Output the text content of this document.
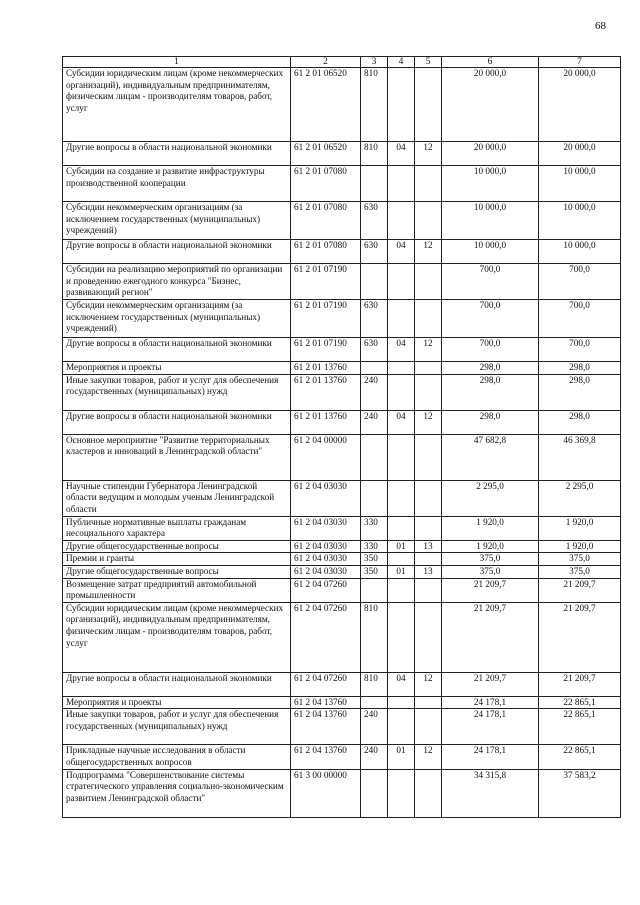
68
1	2	3	4	5	6	7
Субсидии юридическим лицам (кроме некоммерческих организаций), индивидуальным предпринимателям, физическим лицам - производителям товаров, работ, услуг	61 2 01 06520	810			20 000,0	20 000,0
Другие вопросы в области национальной экономики	61 2 01 06520	810	04	12	20 000,0	20 000,0
Субсидии на создание и развитие инфраструктуры производственной кооперации	61 2 01 07080				10 000,0	10 000,0
Субсидии некоммерческим организациям (за исключением государственных (муниципальных) учреждений)	61 2 01 07080	630			10 000,0	10 000,0
Другие вопросы в области национальной экономики	61 2 01 07080	630	04	12	10 000,0	10 000,0
Субсидии на реализацию мероприятий по организации и проведению ежегодного конкурса "Бизнес, развивающий регион"	61 2 01 07190				700,0	700,0
Субсидии некоммерческим организациям (за исключением государственных (муниципальных) учреждений)	61 2 01 07190	630			700,0	700,0
Другие вопросы в области национальной экономики	61 2 01 07190	630	04	12	700,0	700,0
Мероприятия и проекты	61 2 01 13760				298,0	298,0
Иные закупки товаров, работ и услуг для обеспечения государственных (муниципальных) нужд	61 2 01 13760	240			298,0	298,0
Другие вопросы в области национальной экономики	61 2 01 13760	240	04	12	298,0	298,0
Основное мероприятие "Развитие территориальных кластеров и инноваций в Ленинградской области"	61 2 04 00000				47 682,8	46 369,8
Научные стипендии Губернатора Ленинградской области ведущим и молодым ученым Ленинградской области	61 2 04 03030				2 295,0	2 295,0
Публичные нормативные выплаты гражданам несоциального характера	61 2 04 03030	330			1 920,0	1 920,0
Другие общегосударственные вопросы	61 2 04 03030	330	01	13	1 920,0	1 920,0
Премии и гранты	61 2 04 03030	350			375,0	375,0
Другие общегосударственные вопросы	61 2 04 03030	350	01	13	375,0	375,0
Возмещение затрат предприятий автомобильной промышленности	61 2 04 07260				21 209,7	21 209,7
Субсидии юридическим лицам (кроме некоммерческих организаций), индивидуальным предпринимателям, физическим лицам - производителям товаров, работ, услуг	61 2 04 07260	810			21 209,7	21 209,7
Другие вопросы в области национальной экономики	61 2 04 07260	810	04	12	21 209,7	21 209,7
Мероприятия и проекты	61 2 04 13760				24 178,1	22 865,1
Иные закупки товаров, работ и услуг для обеспечения государственных (муниципальных) нужд	61 2 04 13760	240			24 178,1	22 865,1
Прикладные научные исследования в области общегосударственных вопросов	61 2 04 13760	240	01	12	24 178,1	22 865,1
Подпрограмма "Совершенствование системы стратегического управления социально-экономическим развитием Ленинградской области"	61 3 00 00000				34 315,8	37 583,2
